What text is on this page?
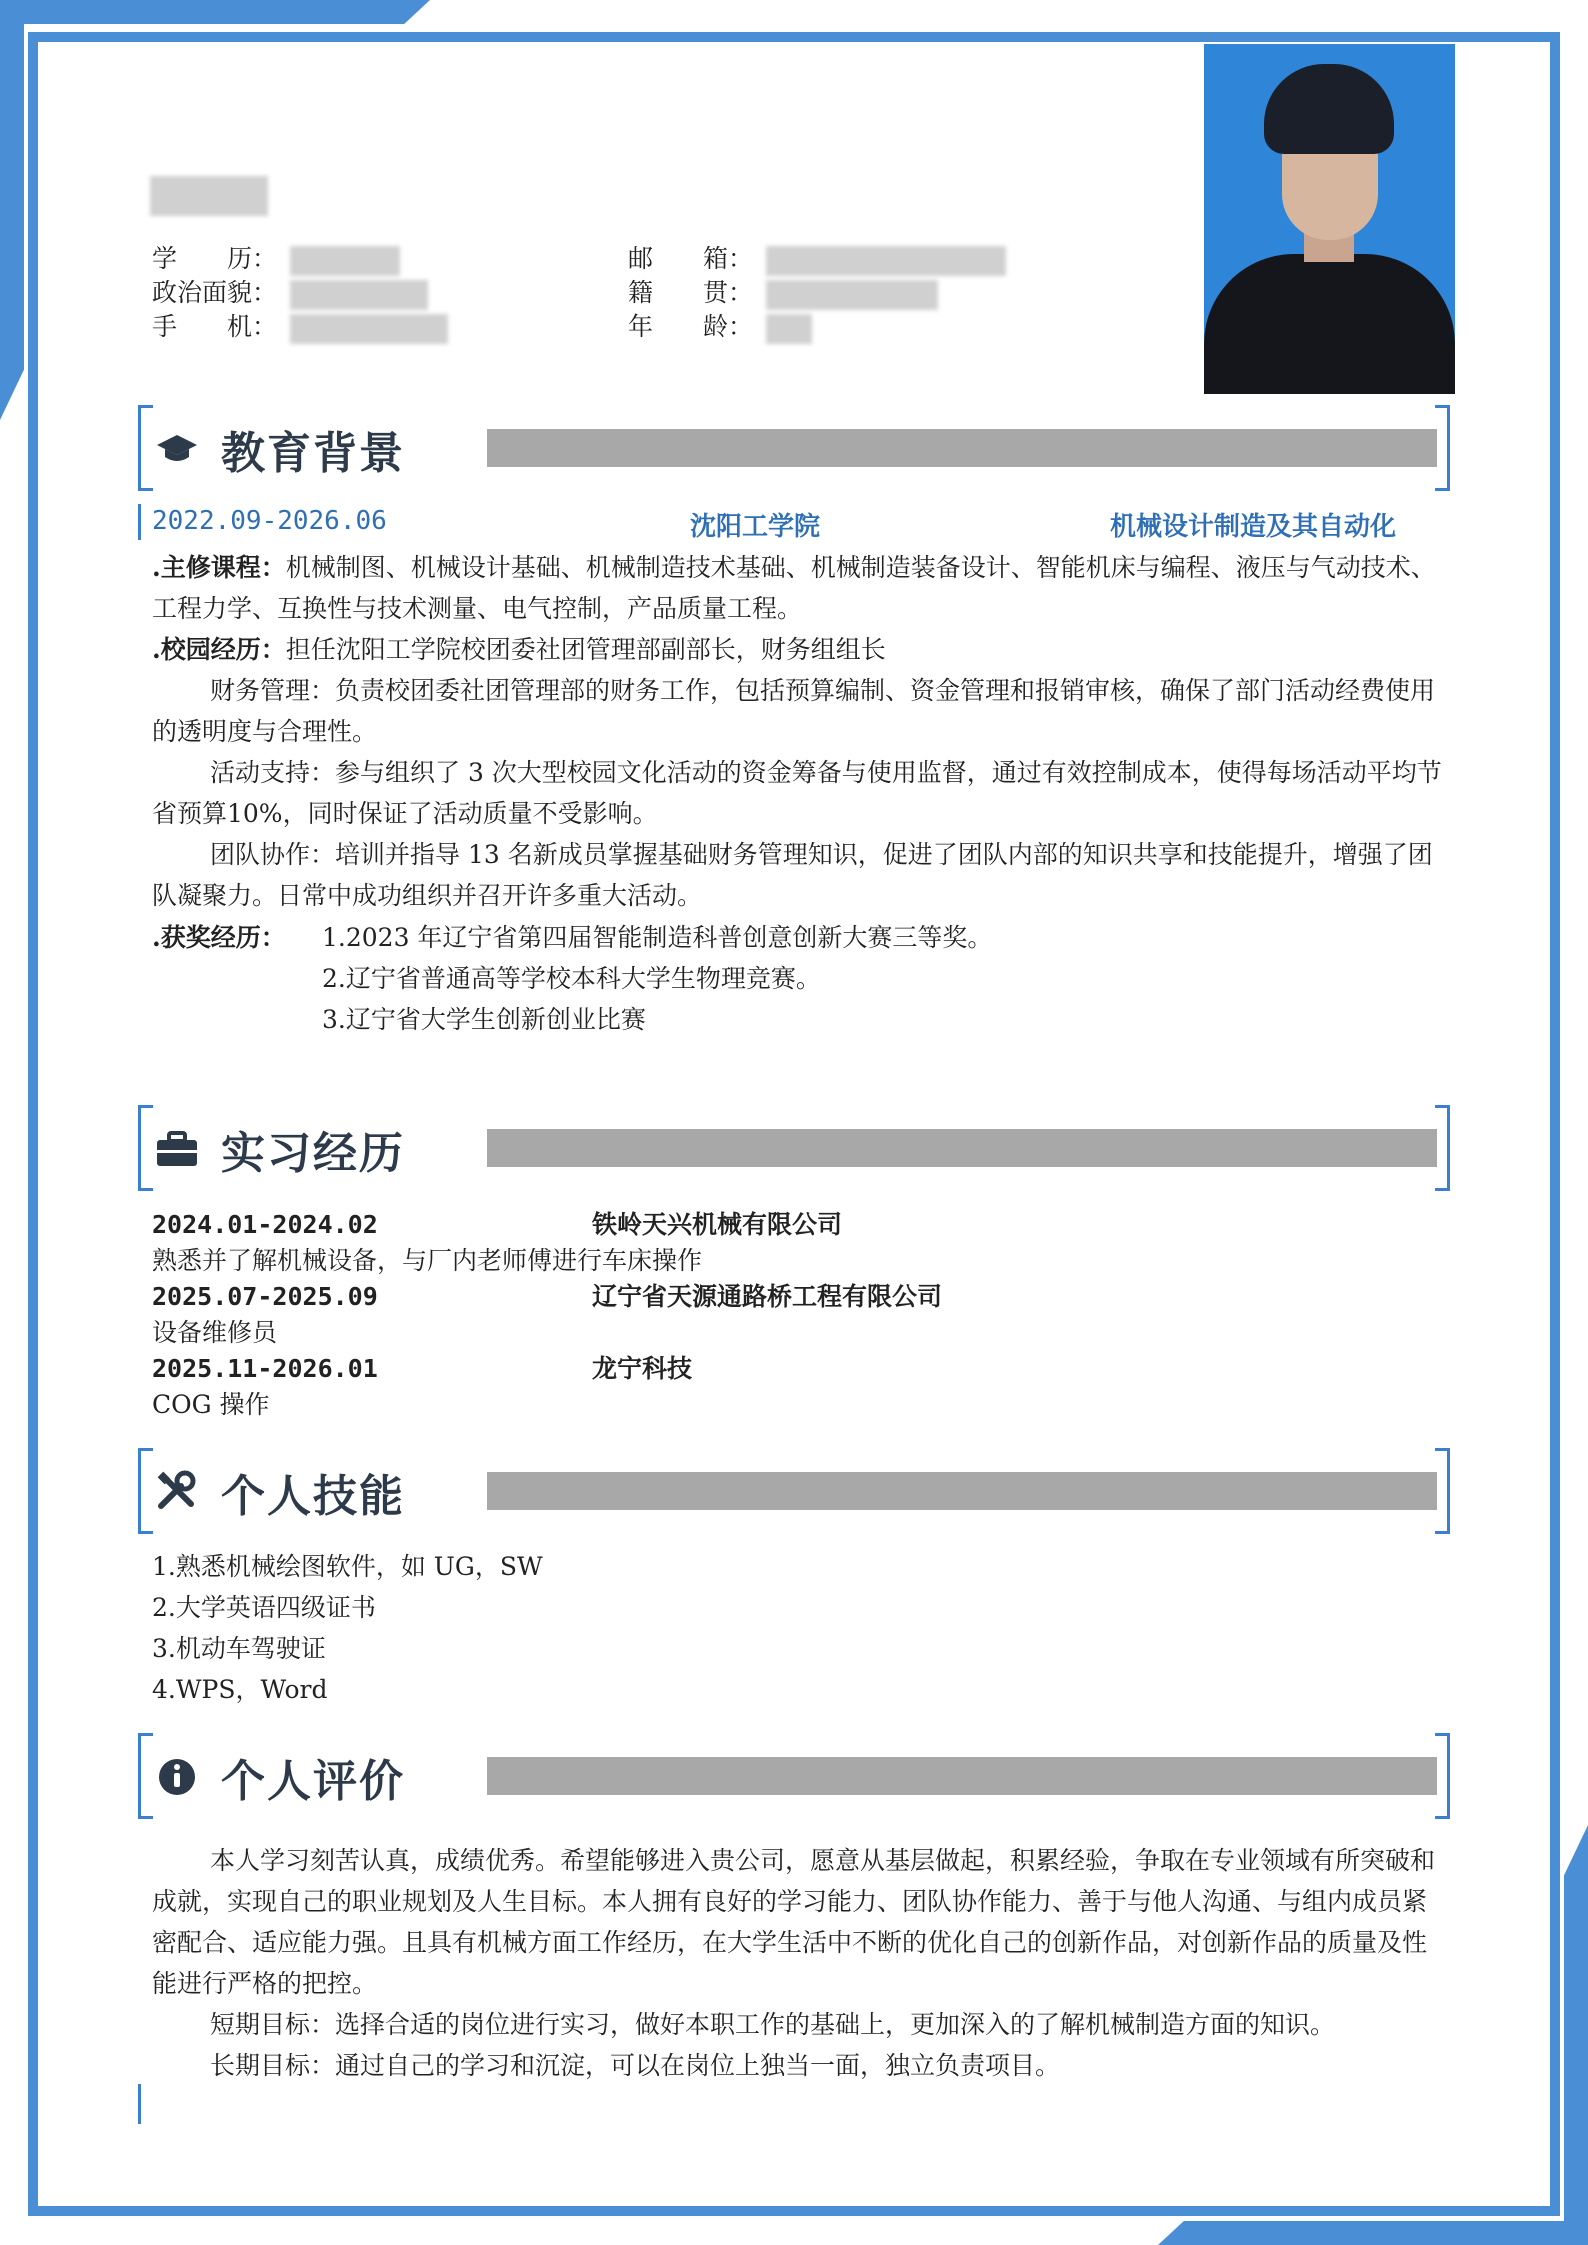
学　　历：
政治面貌：
手　　机：
邮　　箱：
籍　　贯：
年　　龄：
教育背景
2022.09-2026.06	沈阳工学院	机械设计制造及其自动化
.主修课程：机械制图、机械设计基础、机械制造技术基础、机械制造装备设计、智能机床与编程、液压与气动技术、工程力学、互换性与技术测量、电气控制，产品质量工程。
.校园经历：担任沈阳工学院校团委社团管理部副部长，财务组组长
财务管理：负责校团委社团管理部的财务工作，包括预算编制、资金管理和报销审核，确保了部门活动经费使用的透明度与合理性。
活动支持：参与组织了 3 次大型校园文化活动的资金筹备与使用监督，通过有效控制成本，使得每场活动平均节省预算10%，同时保证了活动质量不受影响。
团队协作：培训并指导 13 名新成员掌握基础财务管理知识，促进了团队内部的知识共享和技能提升，增强了团队凝聚力。日常中成功组织并召开许多重大活动。
.获奖经历：	1.2023 年辽宁省第四届智能制造科普创意创新大赛三等奖。
2.辽宁省普通高等学校本科大学生物理竞赛。
3.辽宁省大学生创新创业比赛
实习经历
2024.01-2024.02	铁岭天兴机械有限公司
熟悉并了解机械设备，与厂内老师傅进行车床操作
2025.07-2025.09	辽宁省天源通路桥工程有限公司
设备维修员
2025.11-2026.01	龙宁科技
COG 操作
个人技能
1.熟悉机械绘图软件，如 UG，SW
2.大学英语四级证书
3.机动车驾驶证
4.WPS，Word
个人评价
本人学习刻苦认真，成绩优秀。希望能够进入贵公司，愿意从基层做起，积累经验，争取在专业领域有所突破和成就，实现自己的职业规划及人生目标。本人拥有良好的学习能力、团队协作能力、善于与他人沟通、与组内成员紧密配合、适应能力强。且具有机械方面工作经历，在大学生活中不断的优化自己的创新作品，对创新作品的质量及性能进行严格的把控。
短期目标：选择合适的岗位进行实习，做好本职工作的基础上，更加深入的了解机械制造方面的知识。
长期目标：通过自己的学习和沉淀，可以在岗位上独当一面，独立负责项目。
